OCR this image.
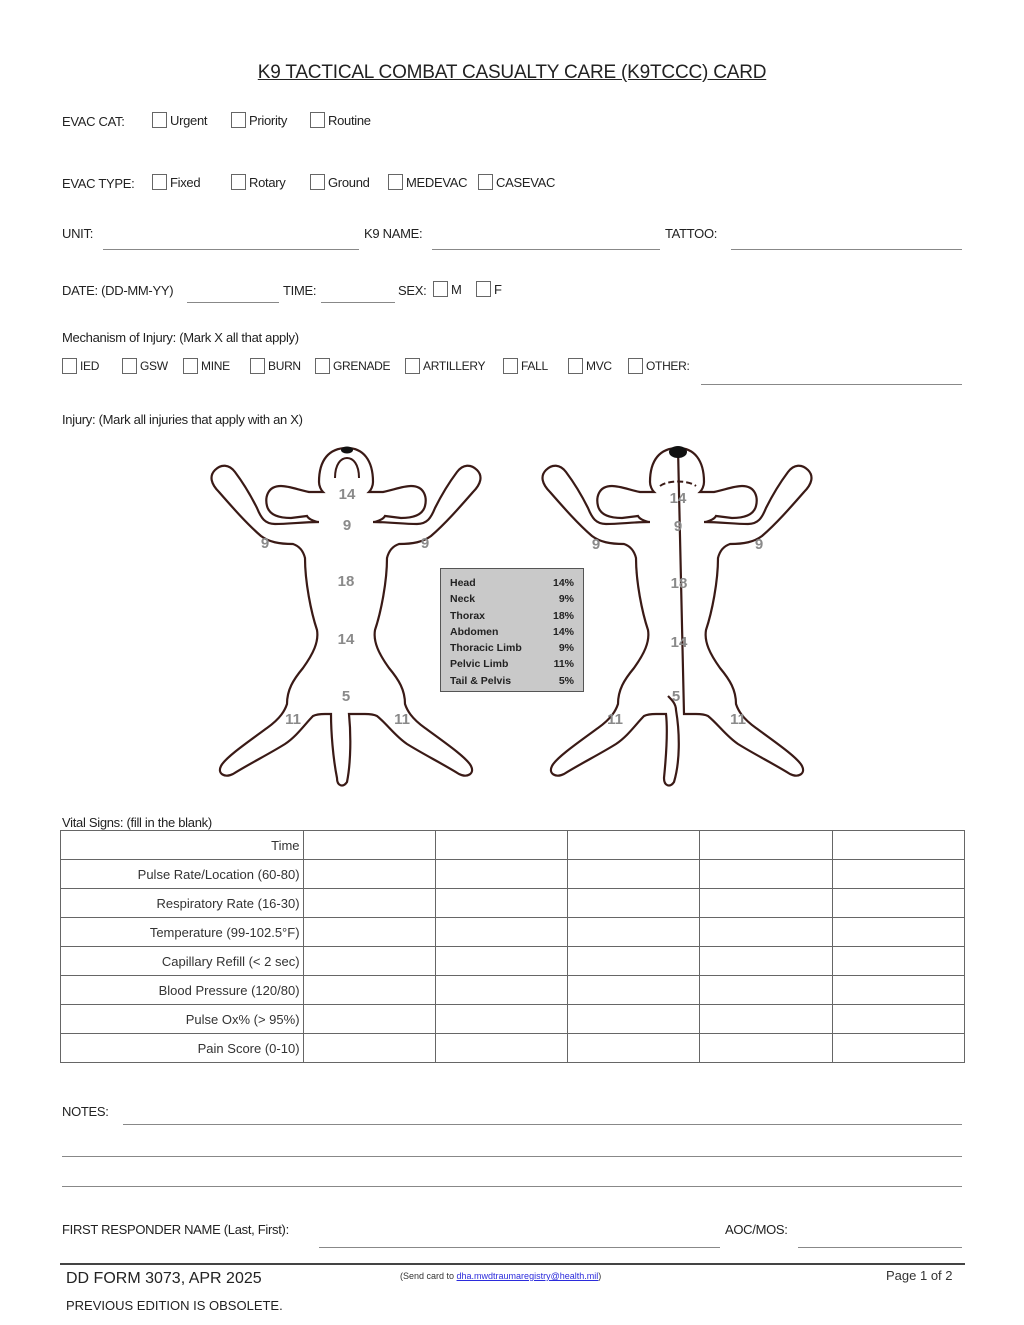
K9 TACTICAL COMBAT CASUALTY CARE (K9TCCC) CARD
EVAC CAT:	Urgent	Priority	Routine
EVAC TYPE:	Fixed	Rotary	Ground	MEDEVAC CASEVAC
UNIT:	K9 NAME:	TATTOO:
DATE: (DD-MM-YY)	TIME:	SEX: M F
Mechanism of Injury: (Mark X all that apply)
IED	GSW	MINE	BURN	GRENADE	ARTILLERY	FALL	MVC	OTHER:
Injury: (Mark all injuries that apply with an X)
14
9
9	9
18
14
5
11	11
Head	14%
Neck	9%
Thorax	18%
Abdomen	14%
Thoracic Limb	9%
Pelvic Limb	11%
Tail & Pelvis	5%
14
9
9	9
18
14
5
11	11
Vital Signs: (fill in the blank)
Time					
Pulse Rate/Location (60-80)					
Respiratory Rate (16-30)					
Temperature (99-102.5°F)					
Capillary Refill (< 2 sec)					
Blood Pressure (120/80)					
Pulse Ox% (> 95%)					
Pain Score (0-10)					
NOTES:
FIRST RESPONDER NAME (Last, First):	AOC/MOS:
DD FORM 3073, APR 2025
PREVIOUS EDITION IS OBSOLETE.
(Send card to dha.mwdtraumaregistry@health.mil)	Page 1 of 2
